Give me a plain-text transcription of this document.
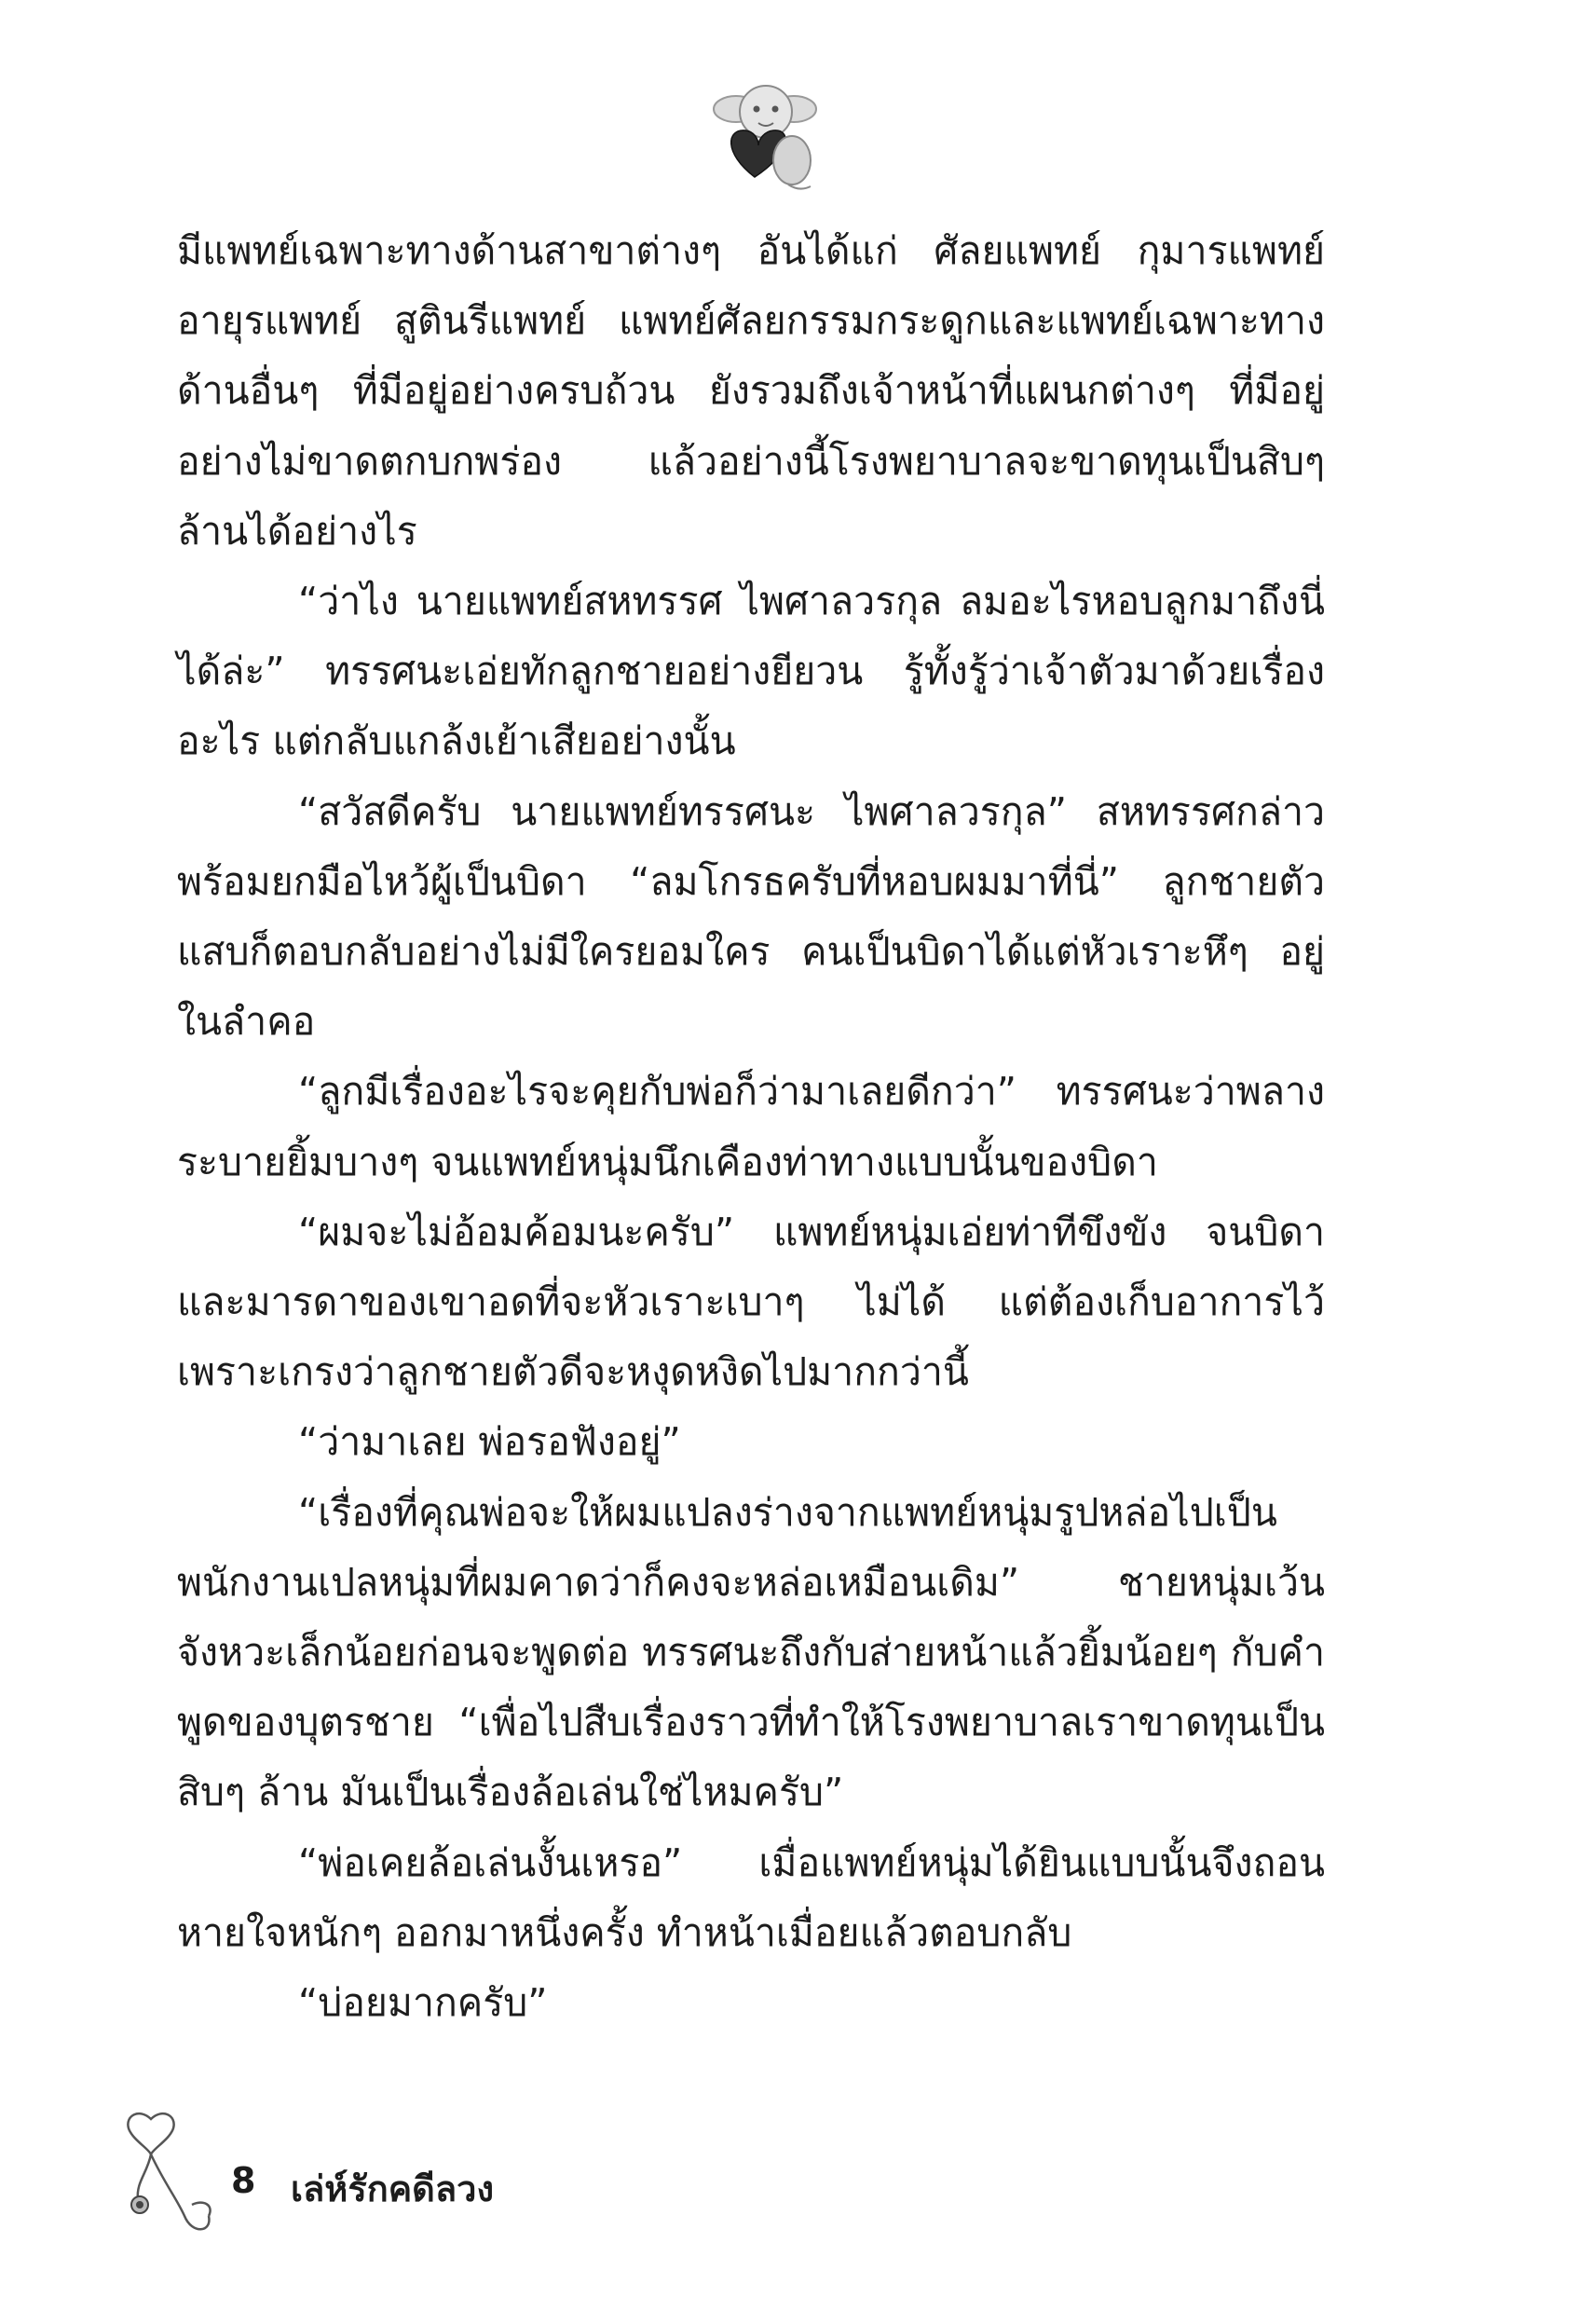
มีแพทย์เฉพาะทางด้านสาขาต่างๆ อันได้แก่ ศัลยแพทย์ กุมารแพทย์ อายุรแพทย์ สูตินรีแพทย์ แพทย์ศัลยกรรมกระดูกและแพทย์เฉพาะทางด้านอื่นๆ ที่มีอยู่อย่างครบถ้วน ยังรวมถึงเจ้าหน้าที่แผนกต่างๆ ที่มีอยู่อย่างไม่ขาดตกบกพร่อง แล้วอย่างนี้โรงพยาบาลจะขาดทุนเป็นสิบๆ ล้านได้อย่างไร

“ว่าไง นายแพทย์สหทรรศ ไพศาลวรกุล ลมอะไรหอบลูกมาถึงนี่ได้ล่ะ” ทรรศนะเอ่ยทักลูกชายอย่างยียวน รู้ทั้งรู้ว่าเจ้าตัวมาด้วยเรื่องอะไร แต่กลับแกล้งเย้าเสียอย่างนั้น

“สวัสดีครับ นายแพทย์ทรรศนะ ไพศาลวรกุล” สหทรรศกล่าวพร้อมยกมือไหว้ผู้เป็นบิดา “ลมโกรธครับที่หอบผมมาที่นี่” ลูกชายตัวแสบก็ตอบกลับอย่างไม่มีใครยอมใคร คนเป็นบิดาได้แต่หัวเราะหึๆ อยู่ในลำคอ

“ลูกมีเรื่องอะไรจะคุยกับพ่อก็ว่ามาเลยดีกว่า” ทรรศนะว่าพลางระบายยิ้มบางๆ จนแพทย์หนุ่มนึกเคืองท่าทางแบบนั้นของบิดา

“ผมจะไม่อ้อมค้อมนะครับ” แพทย์หนุ่มเอ่ยท่าทีขึงขัง จนบิดาและมารดาของเขาอดที่จะหัวเราะเบาๆ ไม่ได้ แต่ต้องเก็บอาการไว้เพราะเกรงว่าลูกชายตัวดีจะหงุดหงิดไปมากกว่านี้

“ว่ามาเลย พ่อรอฟังอยู่”

“เรื่องที่คุณพ่อจะให้ผมแปลงร่างจากแพทย์หนุ่มรูปหล่อไปเป็นพนักงานเปลหนุ่มที่ผมคาดว่าก็คงจะหล่อเหมือนเดิม” ชายหนุ่มเว้นจังหวะเล็กน้อยก่อนจะพูดต่อ ทรรศนะถึงกับส่ายหน้าแล้วยิ้มน้อยๆ กับคำพูดของบุตรชาย “เพื่อไปสืบเรื่องราวที่ทำให้โรงพยาบาลเราขาดทุนเป็นสิบๆ ล้าน มันเป็นเรื่องล้อเล่นใช่ไหมครับ”

“พ่อเคยล้อเล่นงั้นเหรอ” เมื่อแพทย์หนุ่มได้ยินแบบนั้นจึงถอนหายใจหนักๆ ออกมาหนึ่งครั้ง ทำหน้าเมื่อยแล้วตอบกลับ

“บ่อยมากครับ”

8 เล่ห์รักคดีลวง
